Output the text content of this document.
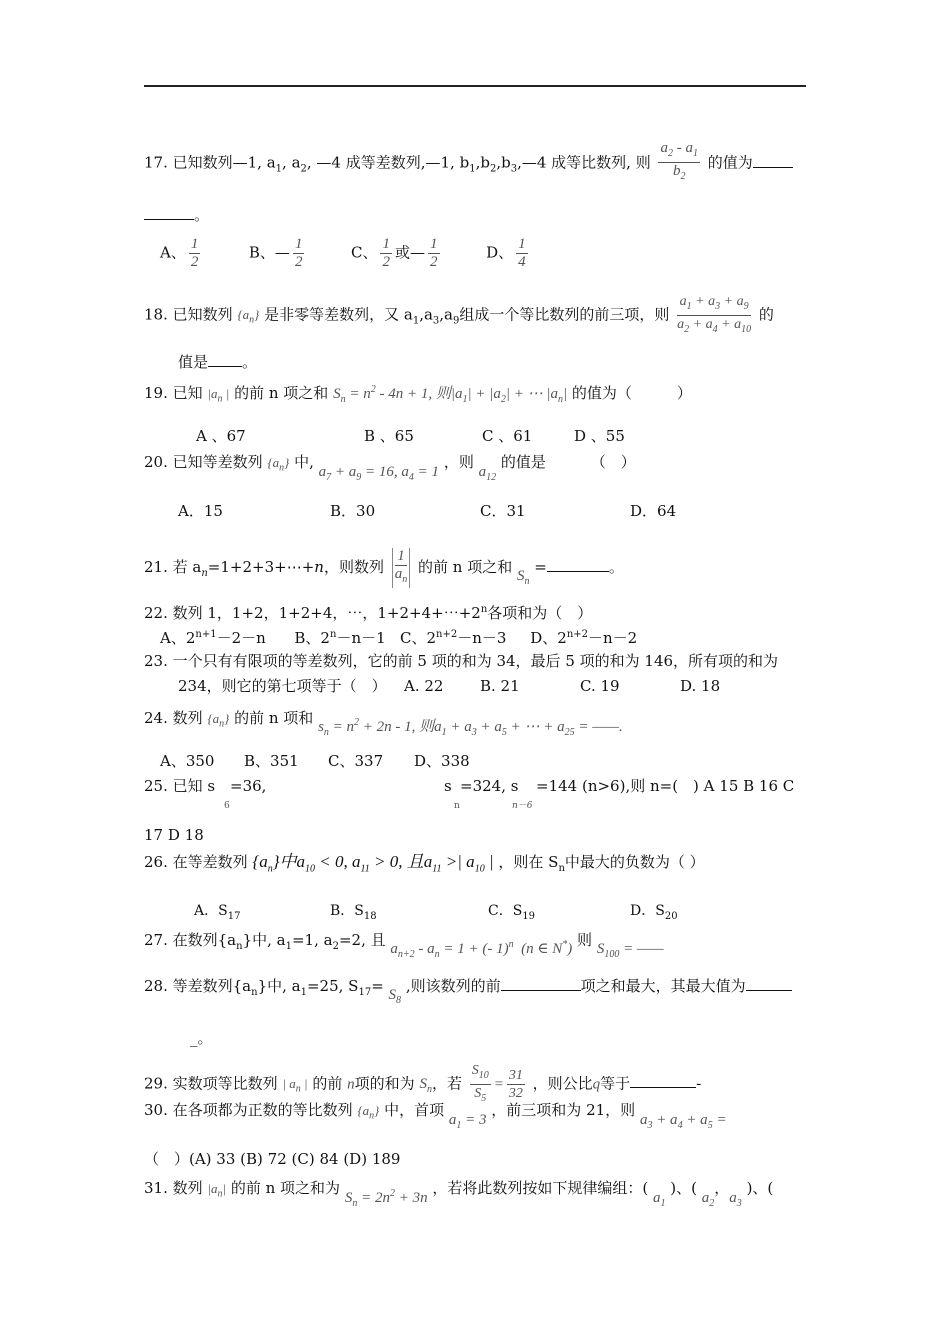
17. 已知数列—1, $a_1$, $a_2$, —4 成等差数列,—1, $b_1,b_2,b_3,—4$ 成等比数列, 则 $\frac{a_2 - a_1}{b_2}$ 的值为
。
A、 $\frac{1}{2}$	B、— $\frac{1}{2}$	C、 $\frac{1}{2}$ 或— $\frac{1}{2}$	D、 $\frac{1}{4}$
18. 已知数列 $\{a_n\}$ 是非零等差数列，又 $a_1,a_3,a_9$组成一个等比数列的前三项，则 $\frac{a_1 + a_3 + a_9}{a_2 + a_4 + a_{10}}$ 的
值是 。
19. 已知 $|a_n$ | 的前 n 项之和 $S_n = n^2 - 4n + 1$, 则$|a_1| + |a_2|$ + ⋯ $|a_n|$ 的值为（　　　）
A 、67	B 、65	C 、61	D 、55
20. 已知等差数列 $\{a_n\}$ 中, $a_7 + a_9 = 16$, $a_4 = 1$ ，则 $a_{12}$ 的值是	（　）
A．15	B．30	C．31	D．64
21. 若 $a_n=1+2+3+\cdots+n$，则数列 $\frac{1}{a_n}$ 的前 n 项之和 $S_n$ =	。
22. 数列 1，1+2，1+2+4，⋯，$1+2+4+\cdots+2^n$各项和为（　）
A、$2^{n+1}-2-n$ B、$2^n-n-1$ C、$2^{n+2}-n-3$ D、$2^{n+2}-n-2$
23. 一个只有有限项的等差数列，它的前 5 项的和为 34，最后 5 项的和为 146，所有项的和为
234，则它的第七项等于（　） A. 22 B. 21	C. 19	D. 18
24. 数列 $\{a_n\}$ 的前 n 项和 $s_n = n^2 + 2n - 1$, 则$a_1 + a_3 + a_5$ + ⋯ + $a_{25}$ = ——.
A、350 B、351 C、337 D、338
25. 已知 s
6
=36,	s
n
=324, s
n－6
=144 (n>6),则 n=(　) A 15 B 16 C
17 D 18
26. 在等差数列 $\{a_n\}$中$a_{10} < 0$, $a_{11} > 0$, 且$a_{11}$ >| $a_{10}$ | ，则在 $S_n$中最大的负数为（ ）
A．$S_{17}$	B．$S_{18}$	C．$S_{19}$	D．$S_{20}$
27. 在数列$\{a_n\}$中, $a_1=1$, $a_2=2$, 且 $a_{n+2} - a_n = 1$ + (- 1)$^n$  (n ∈ N*) 则 $S_{100}$ = ——
28. 等差数列$\{a_n\}$中, $a_1=25$, $S_{17}= S_8$ ,则该数列的前	项之和最大，其最大值为
_。
29. 实数项等比数列 | $a_n$ | 的前 n项的和为 $S_n$，若 $\frac{S_{10}}{S_5} = \frac{31}{32}$ ，则公比q等于	-
30. 在各项都为正数的等比数列 $\{a_n\}$ 中，首项 $a_1 = 3$ ，前三项和为 21，则 $a_3 + a_4 + a_5$ =
（　）(A) 33 (B) 72 (C) 84 (D) 189
31. 数列 $|a_n|$ 的前 n 项之和为 $S_n = 2n^2 + 3n$ ，若将此数列按如下规律编组：( $a_1$ )、( $a_2$，$a_3$ )、(
